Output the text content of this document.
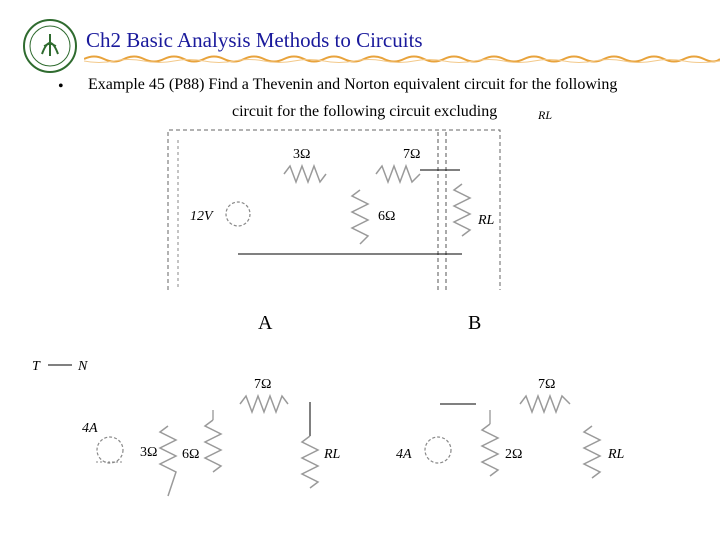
Ch2 Basic Analysis Methods to Circuits
• Example 45 (P88) Find a Thevenin and Norton equivalent circuit for the following
circuit for the following circuit excluding	RL
A	B
3Ω	7Ω
6Ω	RL
12V
T	N
7Ω
4A
3Ω 6Ω	RL
7Ω
4A	2Ω	RL
